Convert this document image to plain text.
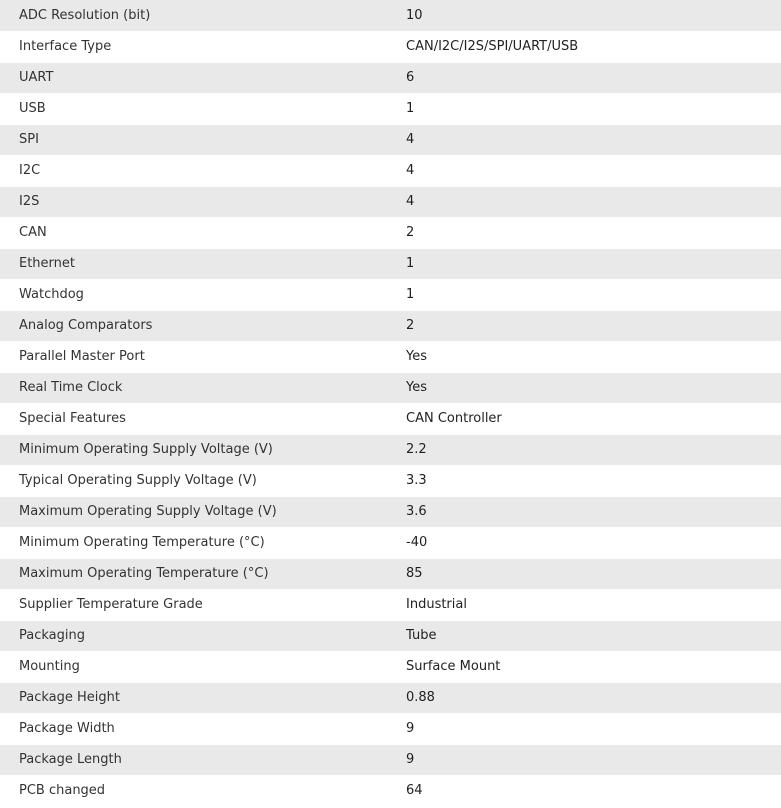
ADC Resolution (bit)	10
Interface Type	CAN/I2C/I2S/SPI/UART/USB
UART	6
USB	1
SPI	4
I2C	4
I2S	4
CAN	2
Ethernet	1
Watchdog	1
Analog Comparators	2
Parallel Master Port	Yes
Real Time Clock	Yes
Special Features	CAN Controller
Minimum Operating Supply Voltage (V)	2.2
Typical Operating Supply Voltage (V)	3.3
Maximum Operating Supply Voltage (V)	3.6
Minimum Operating Temperature (°C)	-40
Maximum Operating Temperature (°C)	85
Supplier Temperature Grade	Industrial
Packaging	Tube
Mounting	Surface Mount
Package Height	0.88
Package Width	9
Package Length	9
PCB changed	64
